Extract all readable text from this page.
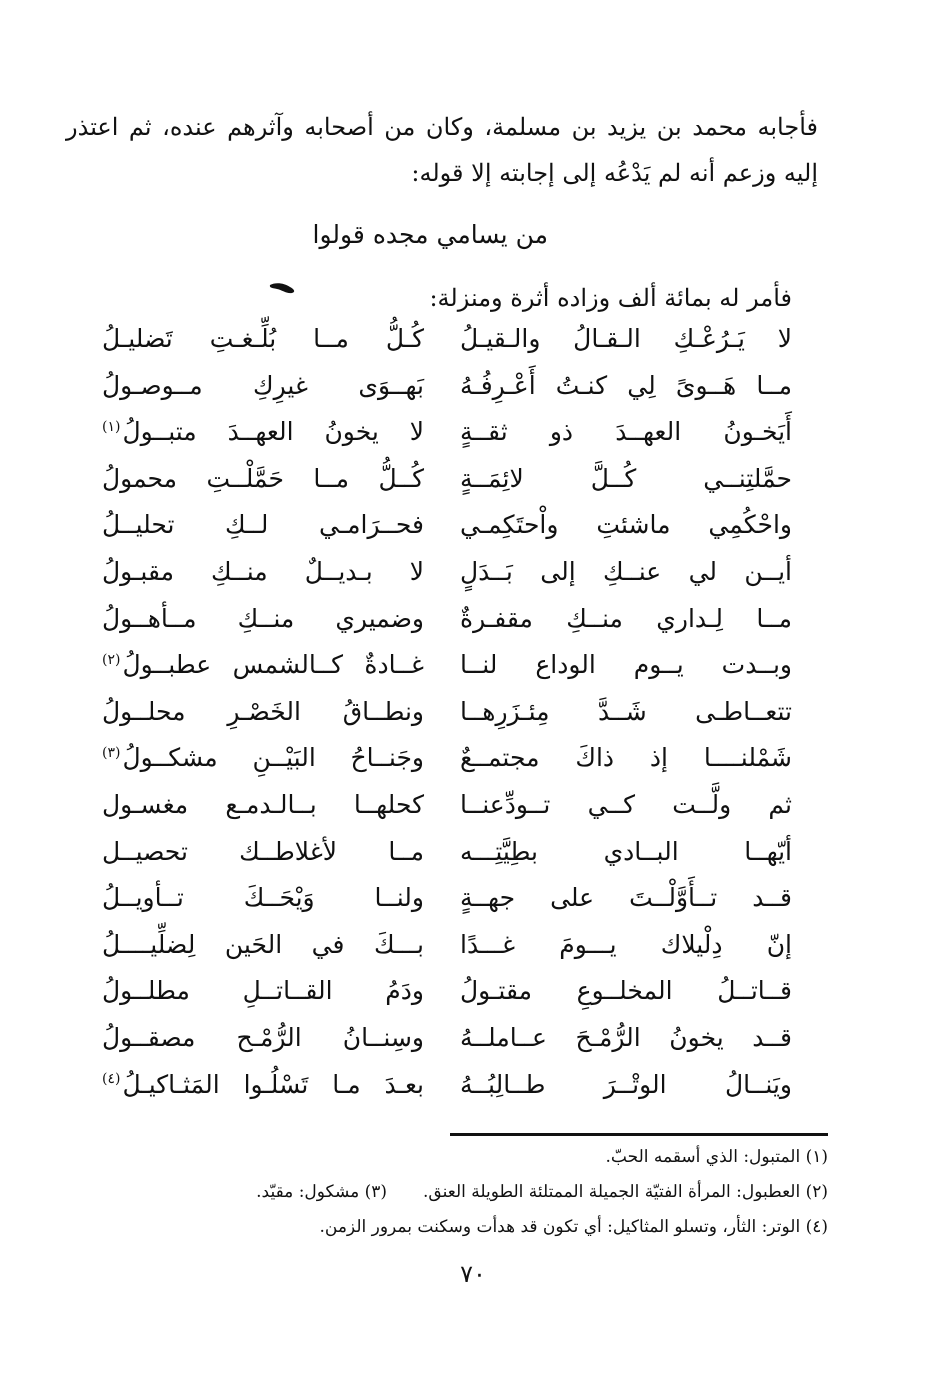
فأجابه محمد بن يزيد بن مسلمة، وكان من أصحابه وآثرهم عنده، ثم اعتذر إليه وزعم أنه لم يَدْعُه إلى إجابته إلا قوله:
من يسامي مجده قولوا
فأمر له بمائة ألف وزاده أثرة ومنزلة:
لا يَـرُعْـكِ الـقـالُ والـقيـلُ
كُـلُّ مــا بُلِّـغـتِ تَضليـلُ
مــا هَــوىً لِي كنـتُ أَعْـرِفُـهُ
بَهــوَى غيرِكِ مــوصـولُ
أَيَخـونُ العهــدَ ذو ثقــةٍ
لا يخونُ العهــدَ متبــولُ$^{(١)}$
حمَّلتِنــي كُــلَّ لائِمَــةٍ
كُــلُّ مــا حَمَّلْــتِ محمولُ
واحْكُمِي ماشئتِ واْحتَكِمـي
فحــرَامـي لــكِ تحليــلُ
أيــن لي عنــكِ إلى بَــدَلٍ
لا بـديــلٌ منــكِ مقبـولُ
مــا لِـداري منــكِ مقفـرةٌ
وضميري منــكِ مــأهــولُ
وبــدت يــوم الوداع لنــا
غــادةٌ كــالشمس عطبــولُ$^{(٢)}$
تتعــاطـى شَــدَّ مِئـزَرِهــا
ونطــاقُ الخَصْـرِ محلــولُ
شَمْلنــــا إذ ذاكَ مجتمــعٌ
وجَنــاحُ البَيْــنِ مشكــولُ$^{(٣)}$
ثم ولَّــت كــي تــودِّعنــا
كحلهــا بــالـدمـع مغسـول
أيّهــا البــادي بطِيَّتِـــه
مــا لأغلاطــك تحصيــل
قــد تــأَوَّلْــتَ على جهــةٍ
ولنــا وَيْحَــكَ تــأويــلُ
إنّ دِلْيلاك يـــومَ غـــدًا
بـــكَ في الحَين لِضلِّيــــلُ
قــاتــلُ المخلــوعِ مقتـولُ
ودَمُ القــاتــلِ مطلــولُ
قــد يخونُ الرُّمْـحَ عــاملــهُ
وسِنــانُ الرُّمْـح مصقــولُ
ويَنــالُ الوتْــرَ طــالِبُــهُ
بعـدَ مـا تَسْلُـوا المَثـاكيـلُ$^{(٤)}$
(١) المتبول: الذي أسقمه الحبّ.
(٢) العطبول: المرأة الفتيّة الجميلة الممتلئة الطويلة العنق.(٣) مشكول: مقيّد.
(٤) الوتر: الثأر، وتسلو المثاكيل: أي تكون قد هدأت وسكنت بمرور الزمن.
٧٠
